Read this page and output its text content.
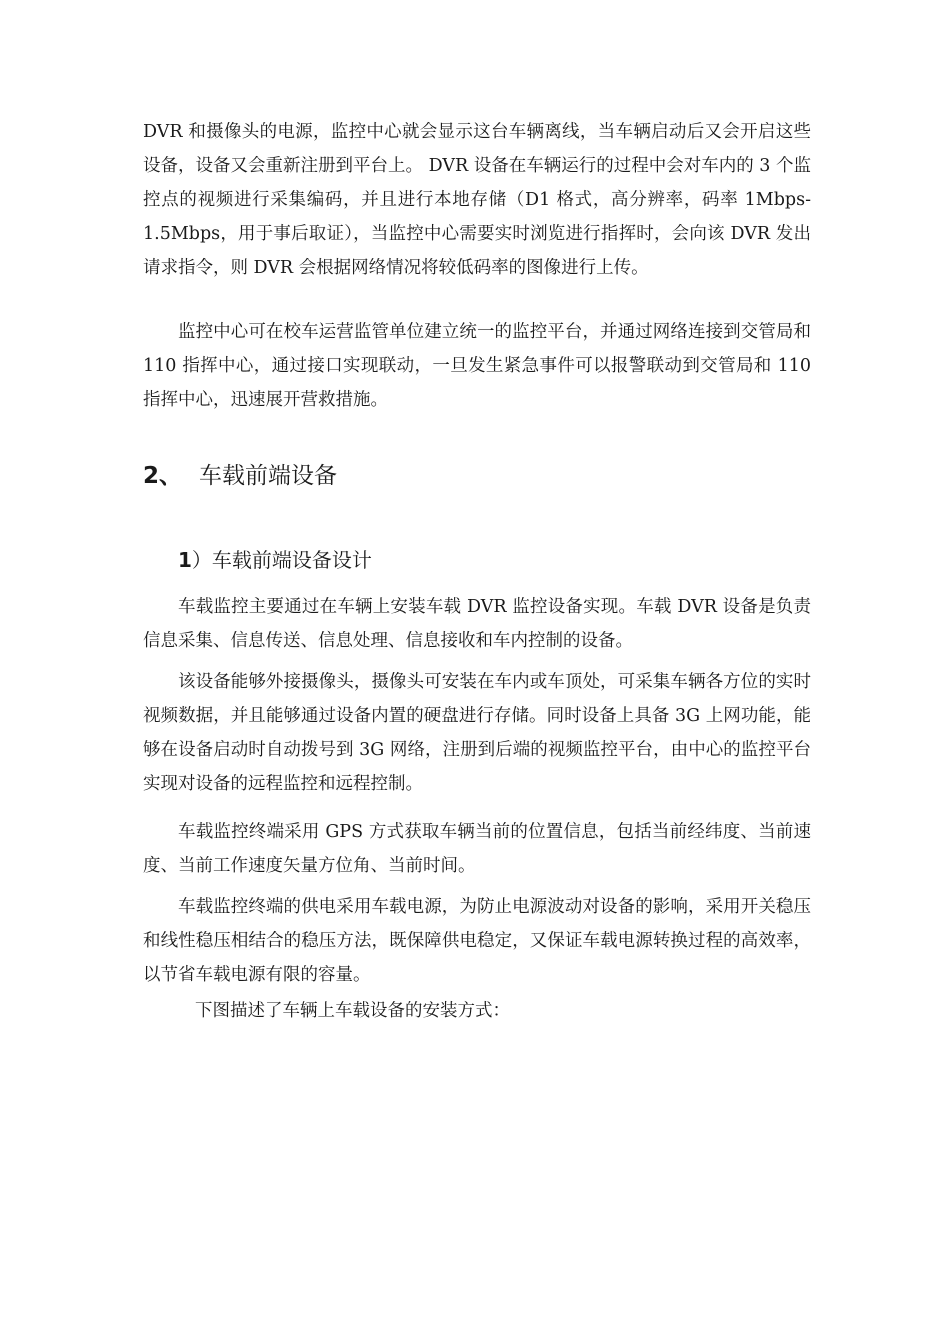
DVR 和摄像头的电源，监控中心就会显示这台车辆离线，当车辆启动后又会开启这些设备，设备又会重新注册到平台上。 DVR 设备在车辆运行的过程中会对车内的 3 个监控点的视频进行采集编码，并且进行本地存储（D1 格式，高分辨率，码率 1Mbps-1.5Mbps，用于事后取证），当监控中心需要实时浏览进行指挥时，会向该 DVR 发出请求指令，则 DVR 会根据网络情况将较低码率的图像进行上传。

监控中心可在校车运营监管单位建立统一的监控平台，并通过网络连接到交管局和 110 指挥中心，通过接口实现联动，一旦发生紧急事件可以报警联动到交管局和 110 指挥中心，迅速展开营救措施。

2、 车载前端设备
1）车载前端设备设计

车载监控主要通过在车辆上安装车载 DVR 监控设备实现。车载 DVR 设备是负责信息采集、信息传送、信息处理、信息接收和车内控制的设备。

该设备能够外接摄像头，摄像头可安装在车内或车顶处，可采集车辆各方位的实时视频数据，并且能够通过设备内置的硬盘进行存储。同时设备上具备 3G 上网功能，能够在设备启动时自动拨号到 3G 网络，注册到后端的视频监控平台，由中心的监控平台实现对设备的远程监控和远程控制。

车载监控终端采用 GPS 方式获取车辆当前的位置信息，包括当前经纬度、当前速度、当前工作速度矢量方位角、当前时间。

车载监控终端的供电采用车载电源，为防止电源波动对设备的影响，采用开关稳压和线性稳压相结合的稳压方法，既保障供电稳定，又保证车载电源转换过程的高效率，以节省车载电源有限的容量。

下图描述了车辆上车载设备的安装方式：
